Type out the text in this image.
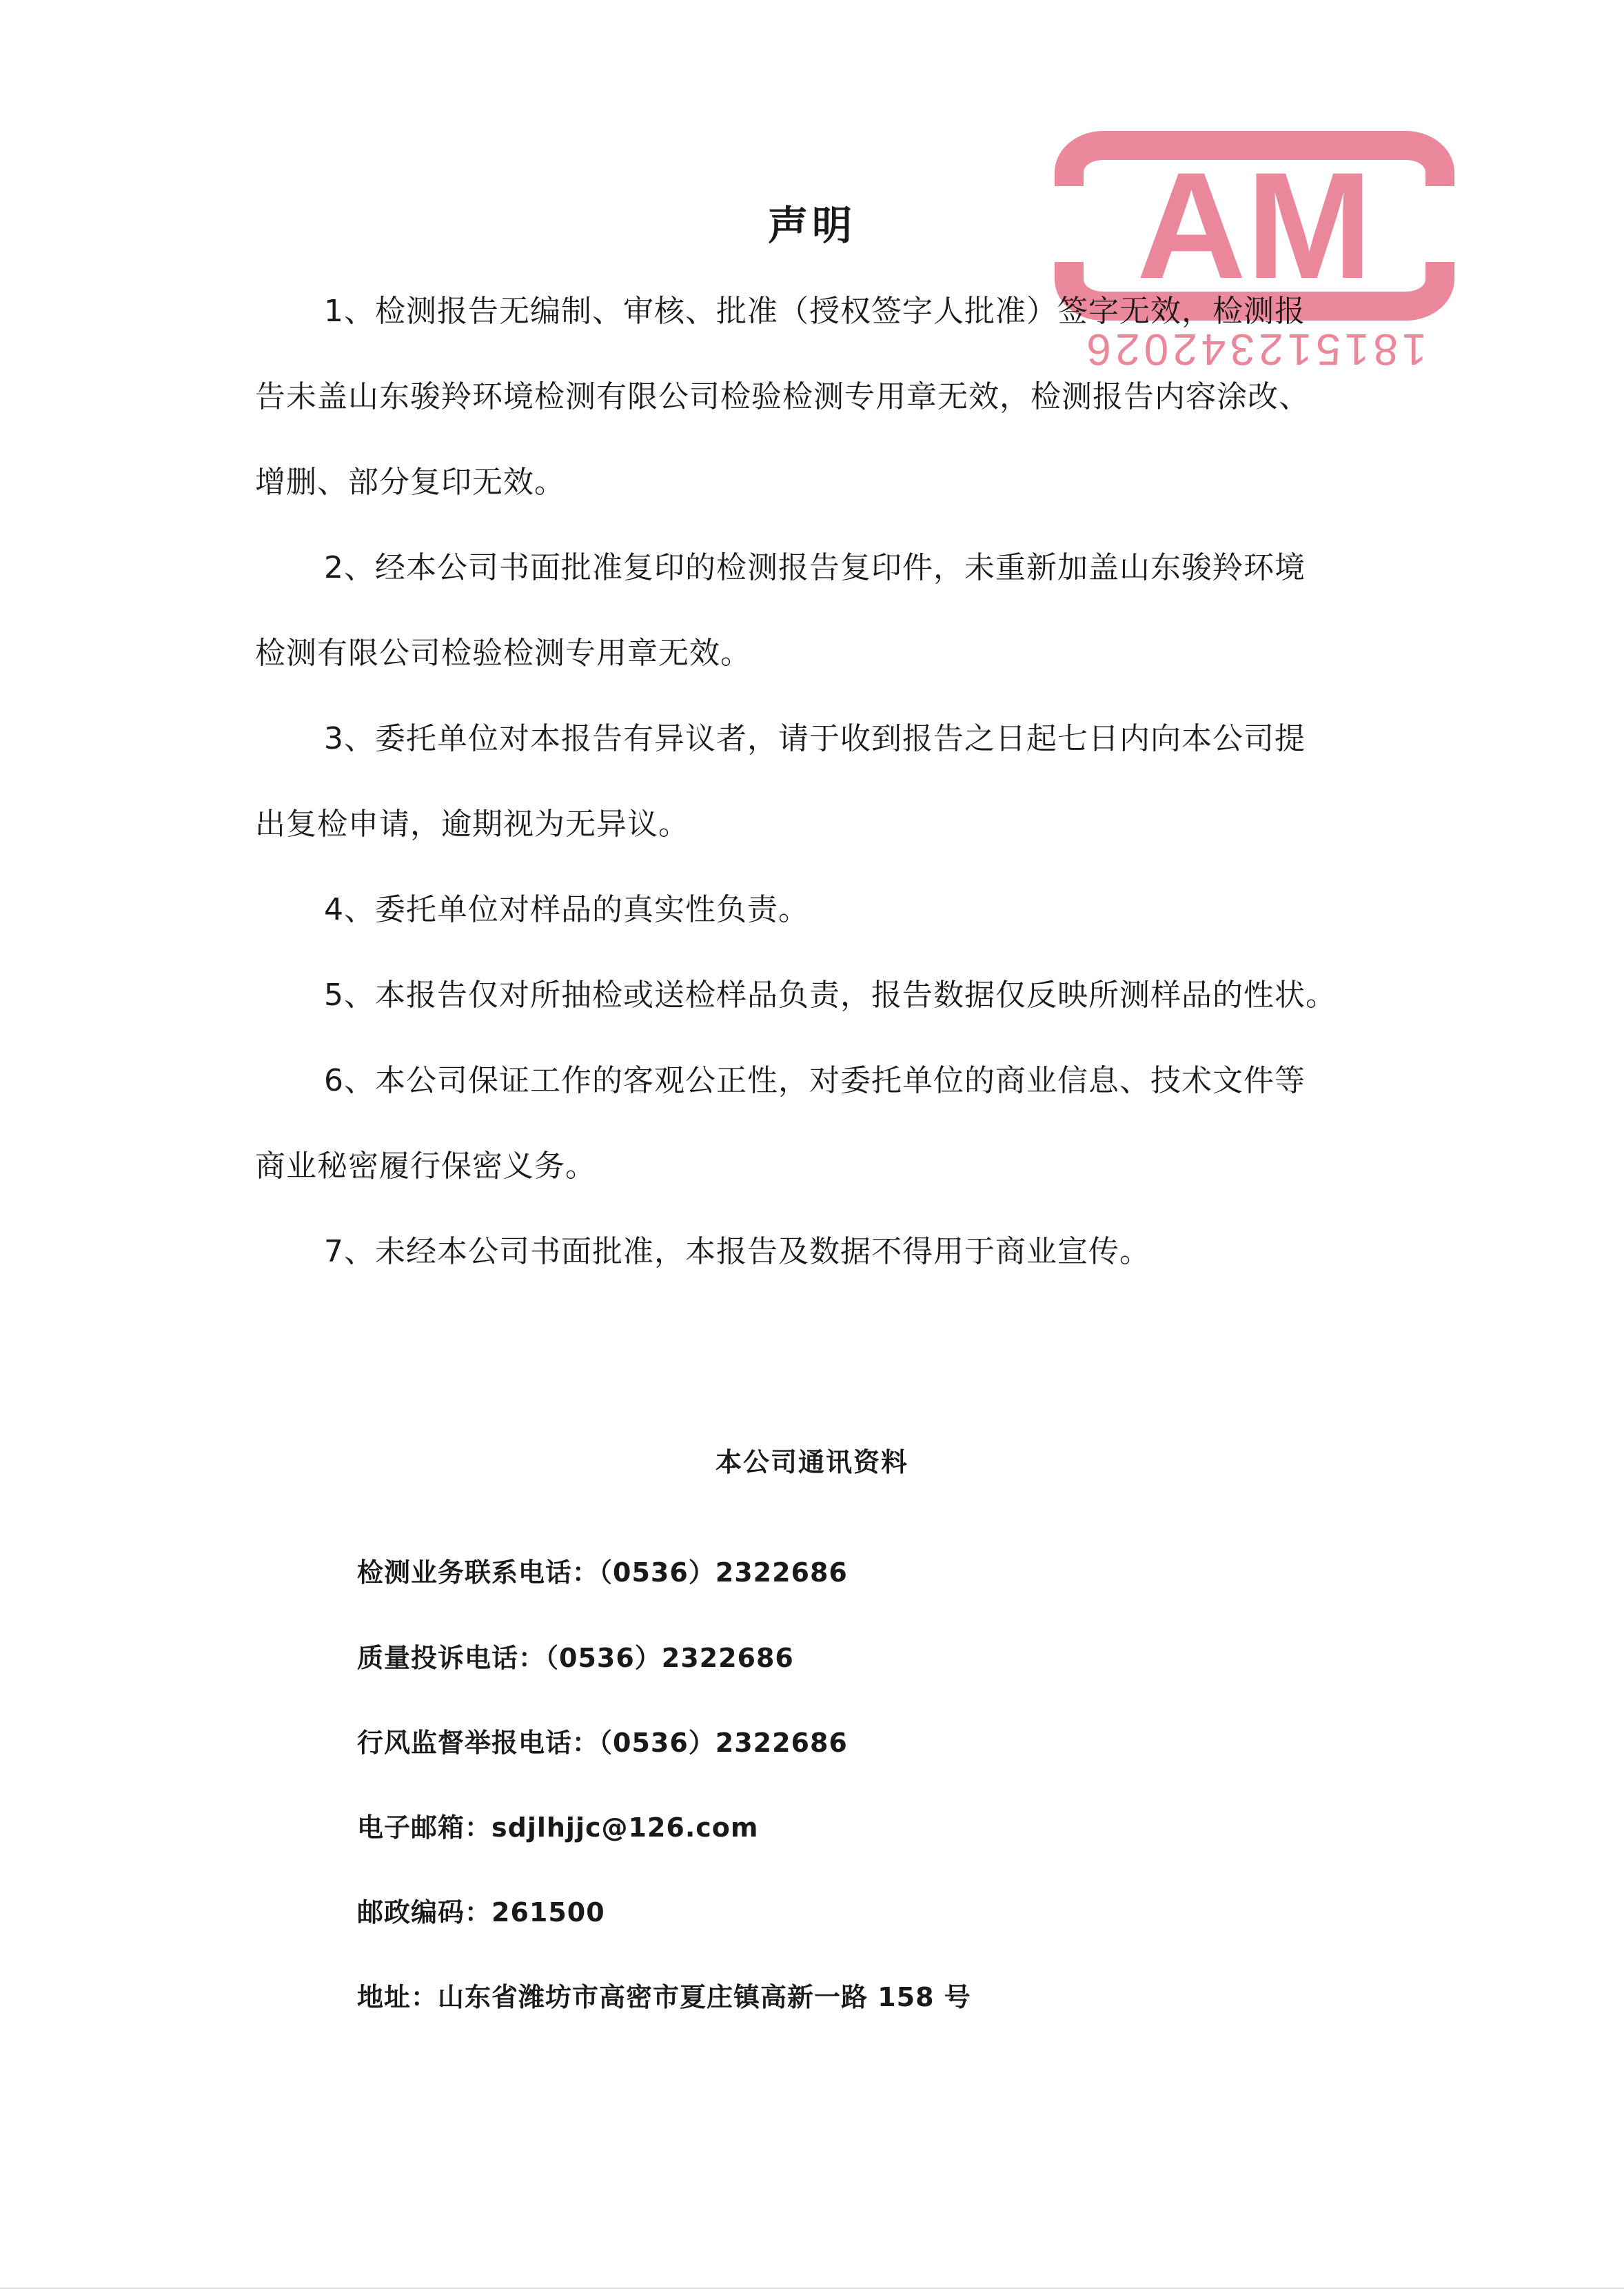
AM
181512342026
声明
1、检测报告无编制、审核、批准（授权签字人批准）签字无效，检测报
告未盖山东骏羚环境检测有限公司检验检测专用章无效，检测报告内容涂改、
增删、部分复印无效。
2、经本公司书面批准复印的检测报告复印件，未重新加盖山东骏羚环境
检测有限公司检验检测专用章无效。
3、委托单位对本报告有异议者，请于收到报告之日起七日内向本公司提
出复检申请，逾期视为无异议。
4、委托单位对样品的真实性负责。
5、本报告仅对所抽检或送检样品负责，报告数据仅反映所测样品的性状。
6、本公司保证工作的客观公正性，对委托单位的商业信息、技术文件等
商业秘密履行保密义务。
7、未经本公司书面批准，本报告及数据不得用于商业宣传。
本公司通讯资料
检测业务联系电话：（0536）2322686
质量投诉电话：（0536）2322686
行风监督举报电话：（0536）2322686
电子邮箱：sdjlhjjc@126.com
邮政编码：261500
地址：山东省潍坊市高密市夏庄镇高新一路 158 号
